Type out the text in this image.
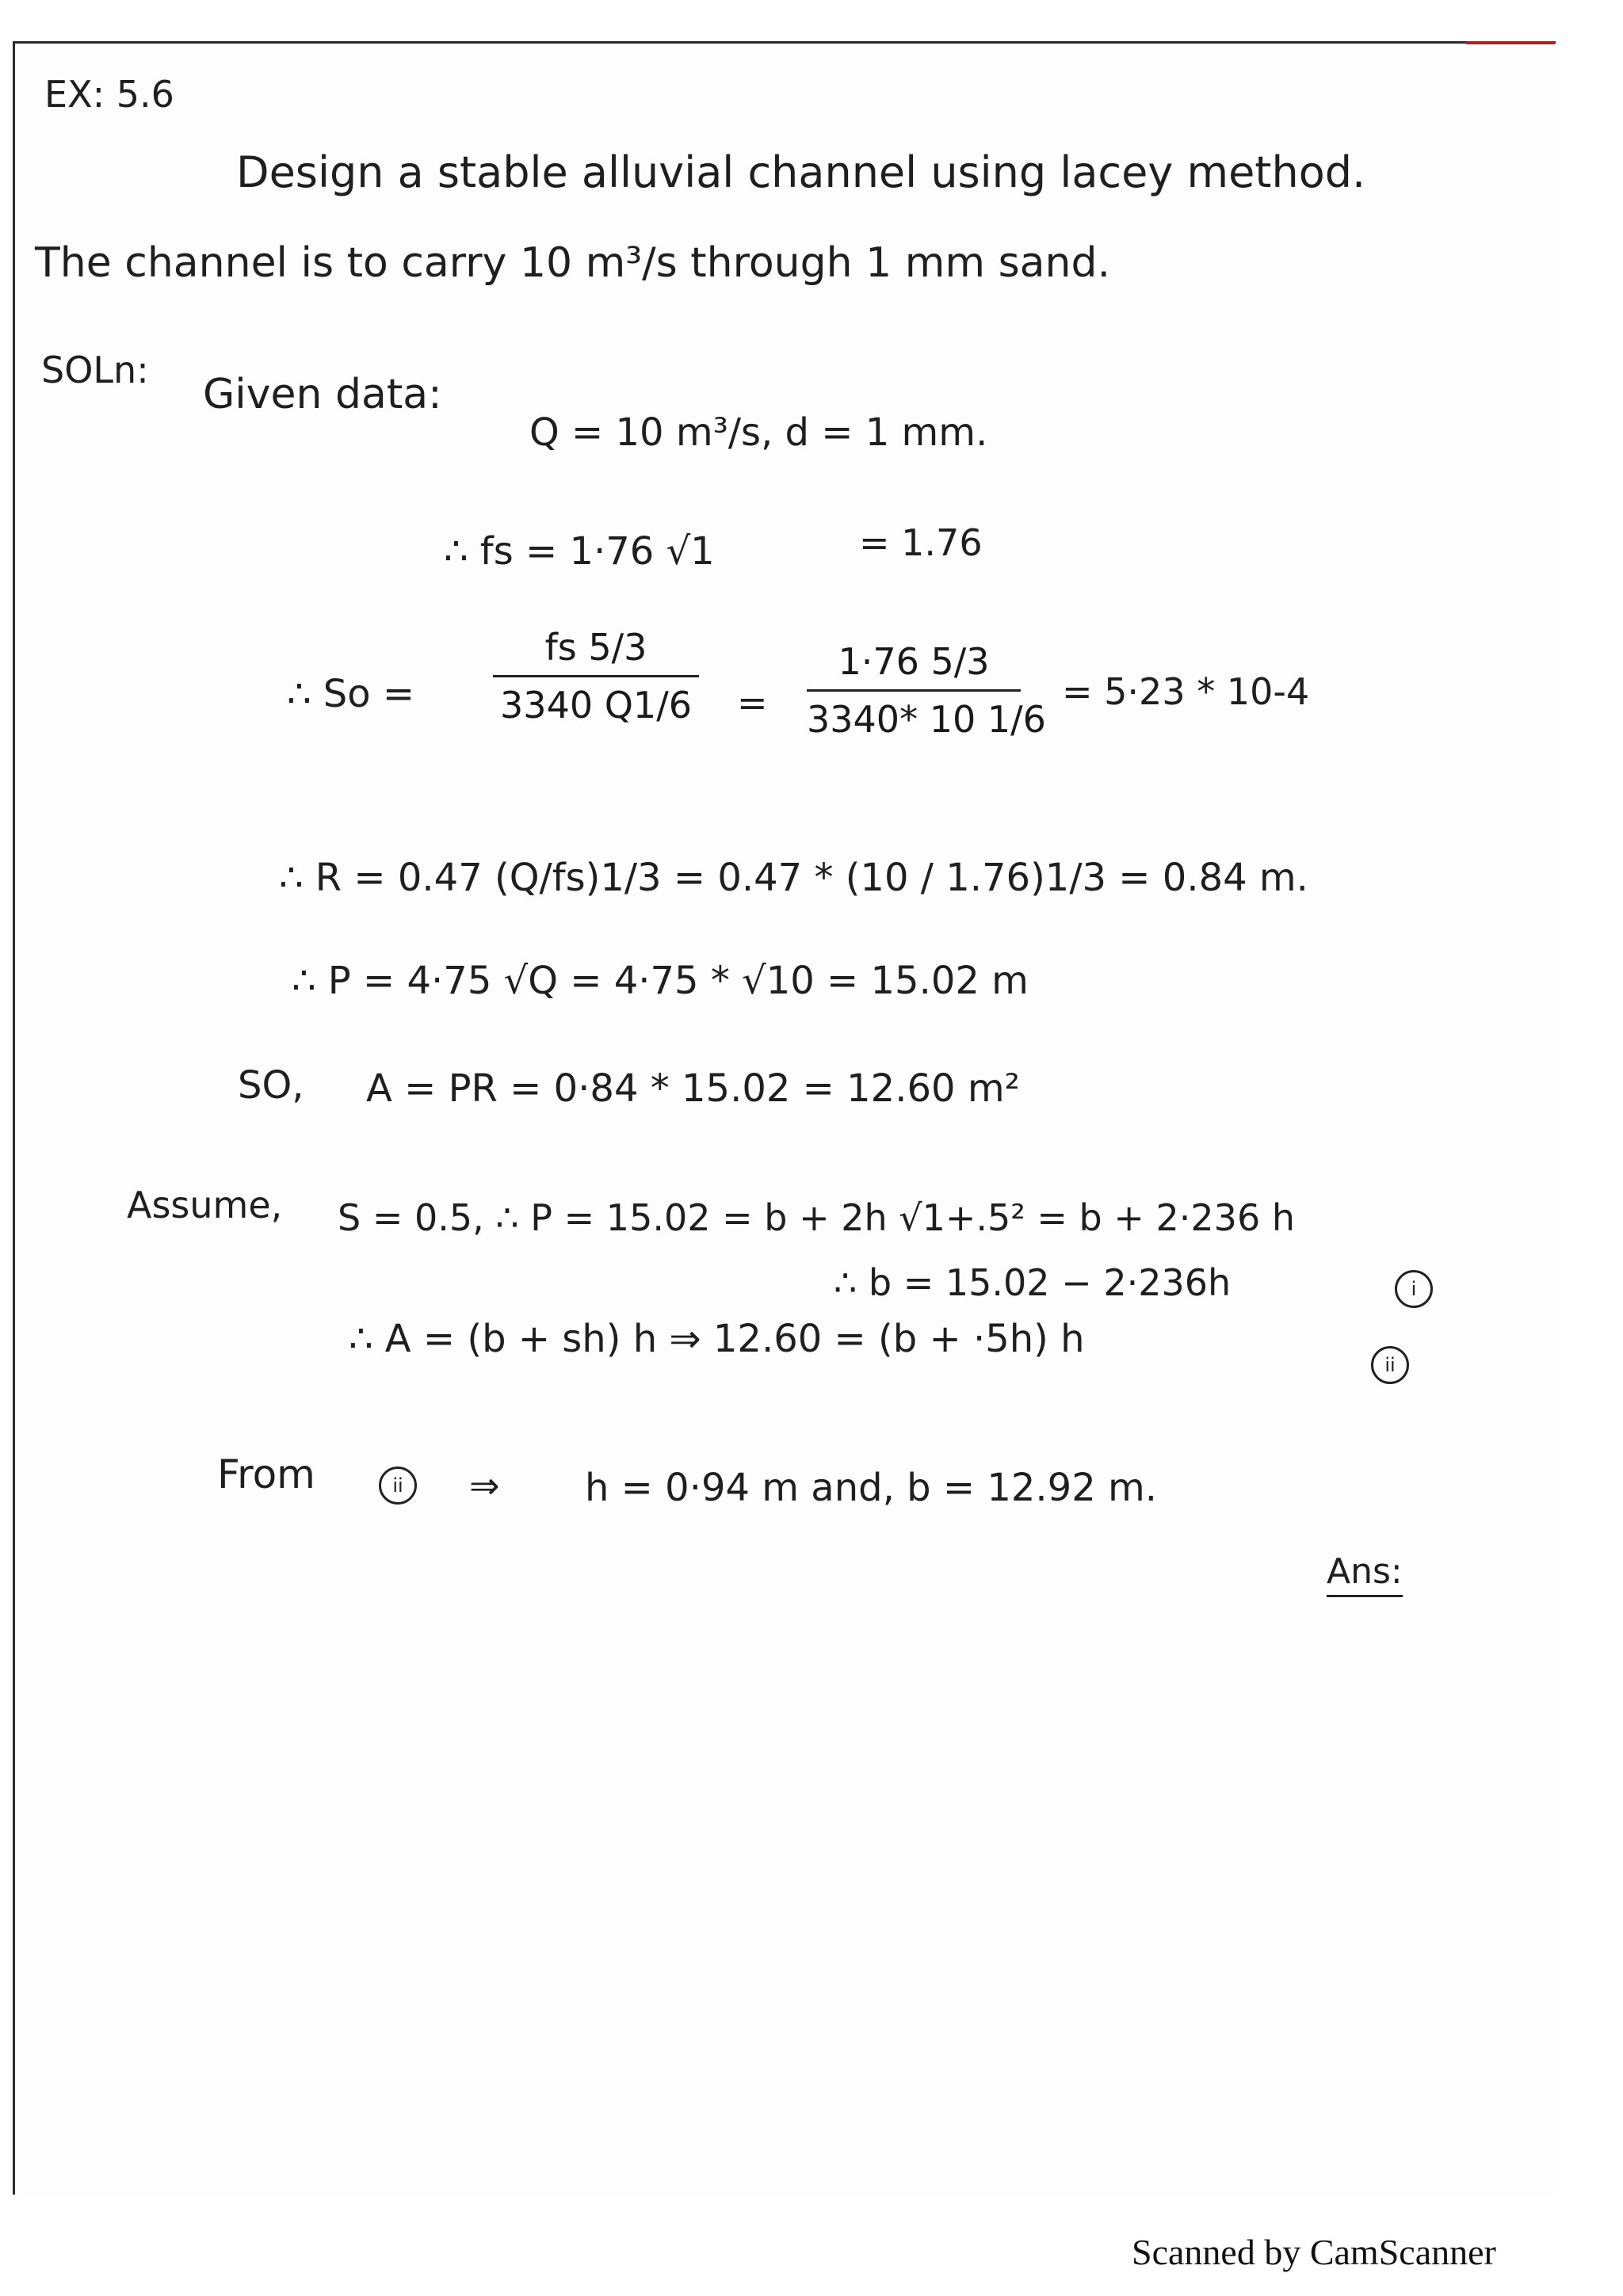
EX: 5.6
Design a stable alluvial channel using lacey method.
The channel is to carry 10 m³/s through 1 mm sand.
SOLn:
Given data:
Q = 10 m³/s, d = 1 mm.
∴ fs = 1·76 √1	= 1.76
∴ So =
fs 5/3
3340 Q1/6 =
1·76 5/3
3340* 10 1/6
= 5·23 * 10-4
∴ R = 0.47 (Q/fs)1/3 = 0.47 * (10 / 1.76)1/3 = 0.84 m.
∴ P = 4·75 √Q = 4·75 * √10 = 15.02 m
SO, A = PR = 0·84 * 15.02 = 12.60 m²
Assume, S = 0.5, ∴ P = 15.02 = b + 2h √1+.5² = b + 2·236 h
∴ b = 15.02 − 2·236h	i
∴ A = (b + sh) h ⇒ 12.60 = (b + ·5h) h
ii
From	ii	⇒ h = 0·94 m and, b = 12.92 m.
Ans:
Scanned by CamScanner
